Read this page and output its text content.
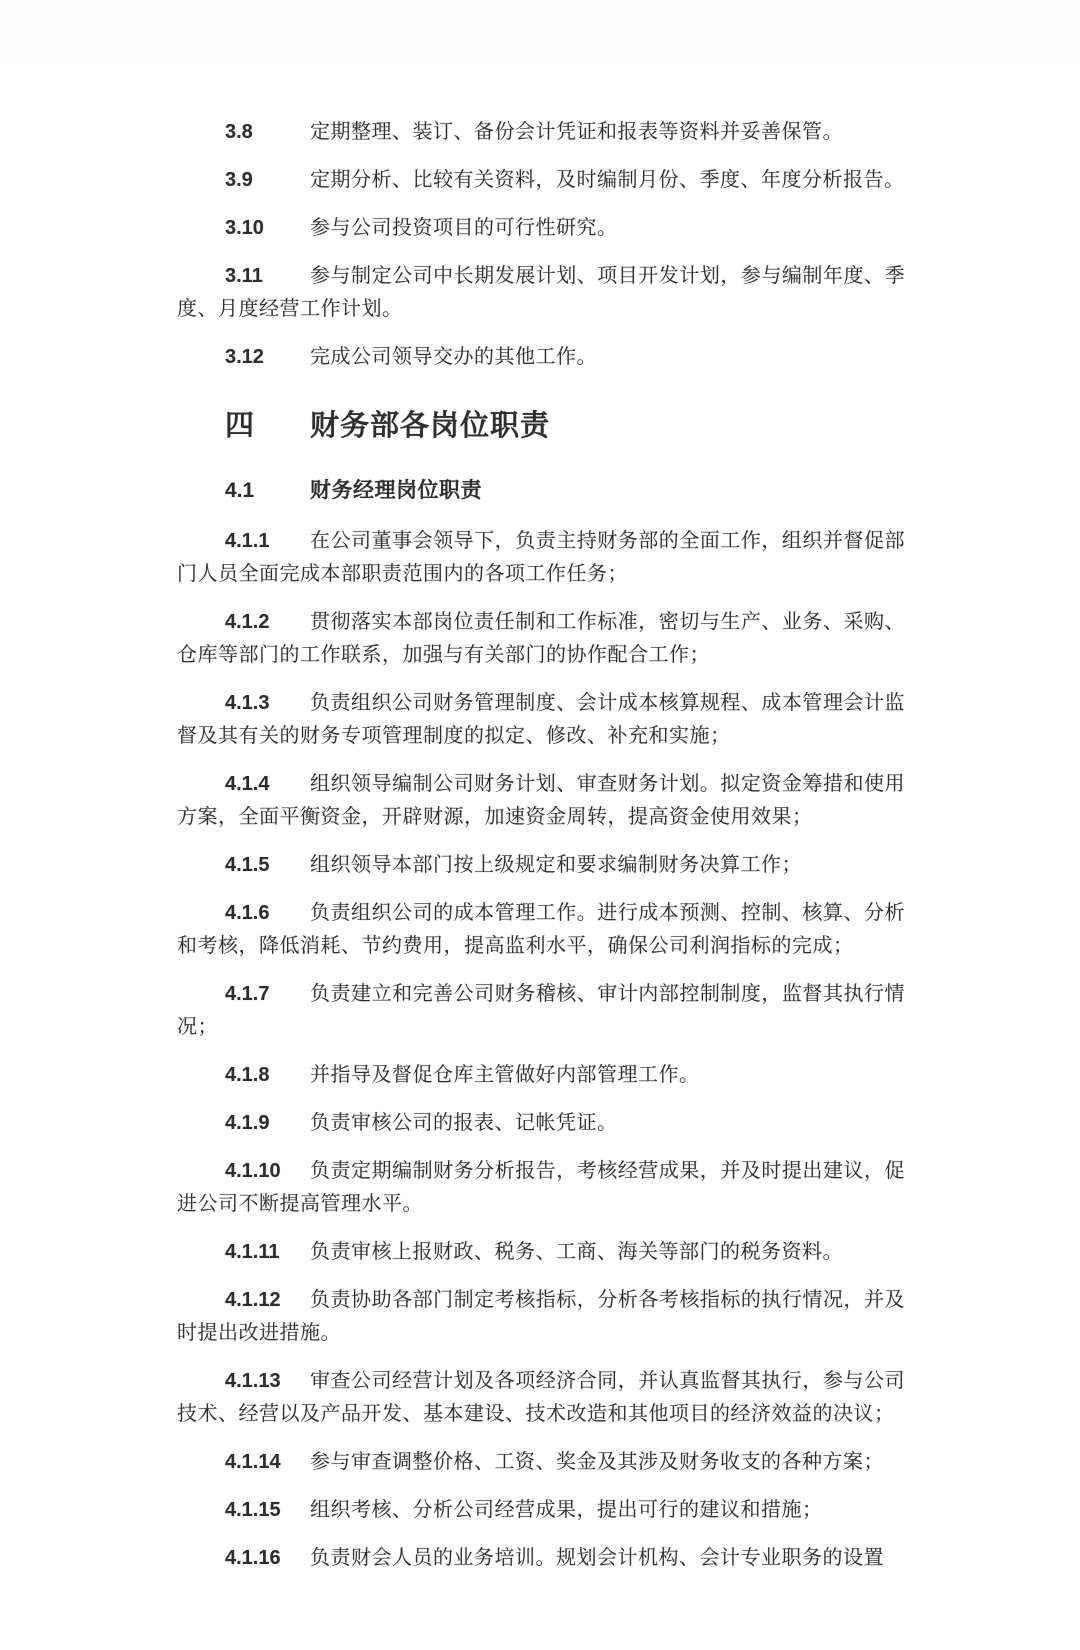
3.8	定期整理、装订、备份会计凭证和报表等资料并妥善保管。
3.9	定期分析、比较有关资料，及时编制月份、季度、年度分析报告。
3.10 参与公司投资项目的可行性研究。
3.11 参与制定公司中长期发展计划、项目开发计划，参与编制年度、季度、月度经营工作计划。
3.12 完成公司领导交办的其他工作。
四 财务部各岗位职责
4.1	财务经理岗位职责
4.1.1 在公司董事会领导下，负责主持财务部的全面工作，组织并督促部门人员全面完成本部职责范围内的各项工作任务；
4.1.2 贯彻落实本部岗位责任制和工作标准，密切与生产、业务、采购、仓库等部门的工作联系，加强与有关部门的协作配合工作；
4.1.3 负责组织公司财务管理制度、会计成本核算规程、成本管理会计监督及其有关的财务专项管理制度的拟定、修改、补充和实施；
4.1.4 组织领导编制公司财务计划、审查财务计划。拟定资金筹措和使用方案，全面平衡资金，开辟财源，加速资金周转，提高资金使用效果；
4.1.5 组织领导本部门按上级规定和要求编制财务决算工作；
4.1.6 负责组织公司的成本管理工作。进行成本预测、控制、核算、分析和考核，降低消耗、节约费用，提高监利水平，确保公司利润指标的完成；
4.1.7 负责建立和完善公司财务稽核、审计内部控制制度，监督其执行情况；
4.1.8 并指导及督促仓库主管做好内部管理工作。
4.1.9 负责审核公司的报表、记帐凭证。
4.1.10 负责定期编制财务分析报告，考核经营成果，并及时提出建议，促进公司不断提高管理水平。
4.1.11 负责审核上报财政、税务、工商、海关等部门的税务资料。
4.1.12 负责协助各部门制定考核指标，分析各考核指标的执行情况，并及时提出改进措施。
4.1.13 审查公司经营计划及各项经济合同，并认真监督其执行，参与公司技术、经营以及产品开发、基本建设、技术改造和其他项目的经济效益的决议；
4.1.14 参与审查调整价格、工资、奖金及其涉及财务收支的各种方案；
4.1.15 组织考核、分析公司经营成果，提出可行的建议和措施；
4.1.16 负责财会人员的业务培训。规划会计机构、会计专业职务的设置
